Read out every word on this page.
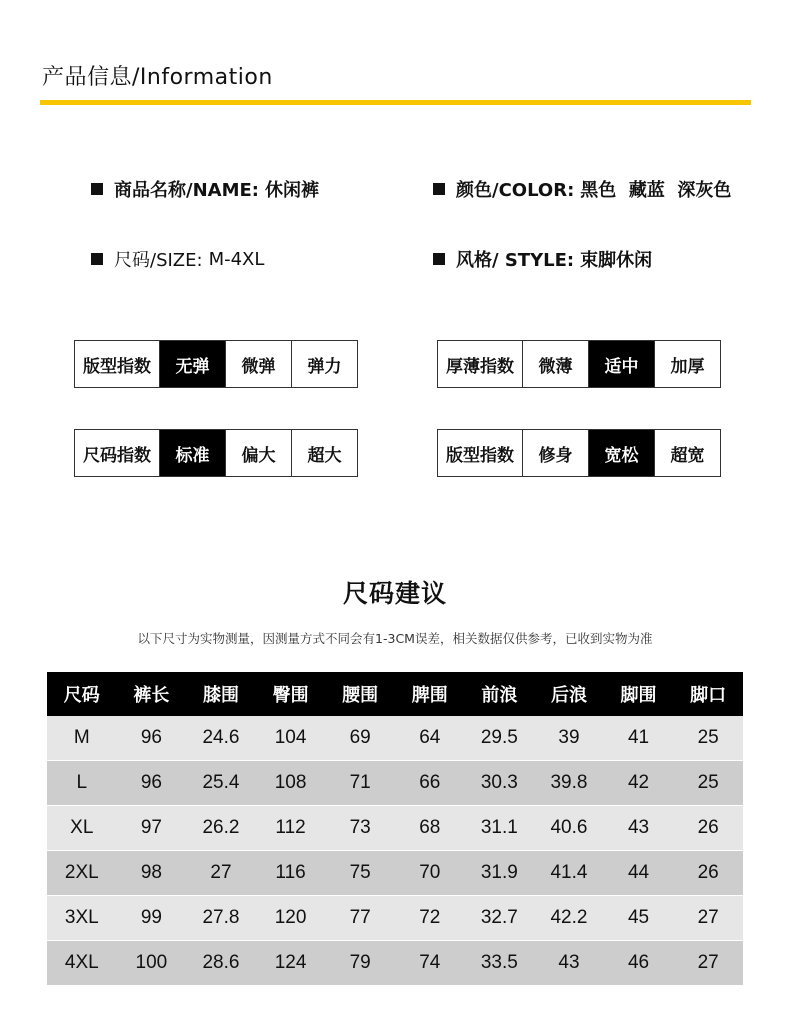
产品信息/Information
商品名称/NAME: 休闲裤	颜色/COLOR: 黑色  藏蓝  深灰色
尺码/SIZE: M-4XL	风格/ STYLE: 束脚休闲
版型指数	无弹	微弹	弹力	厚薄指数	微薄	适中	加厚
尺码指数	标准	偏大	超大	版型指数	修身	宽松	超宽
尺码建议
以下尺寸为实物测量，因测量方式不同会有1-3CM误差，相关数据仅供参考，已收到实物为准
尺码	裤长	膝围	臀围	腰围	脾围	前浪	后浪	脚围	脚口
M	96	24.6	104	69	64	29.5	39	41	25
L	96	25.4	108	71	66	30.3	39.8	42	25
XL	97	26.2	112	73	68	31.1	40.6	43	26
2XL	98	27	116	75	70	31.9	41.4	44	26
3XL	99	27.8	120	77	72	32.7	42.2	45	27
4XL	100	28.6	124	79	74	33.5	43	46	27
